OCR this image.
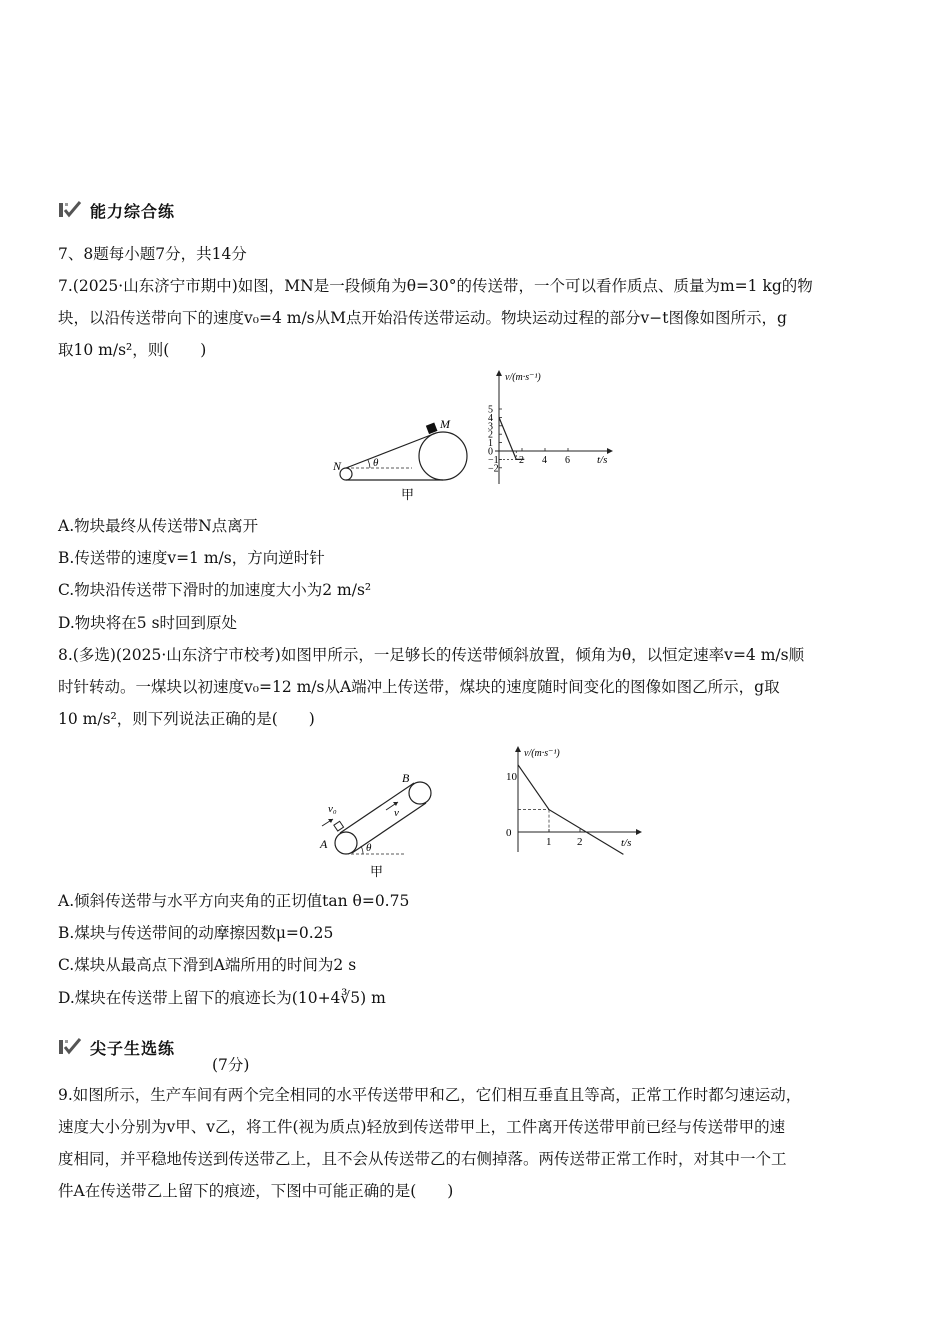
能力综合练
7、8题每小题7分，共14分
7.(2025·山东济宁市期中)如图，MN是一段倾角为θ=30°的传送带，一个可以看作质点、质量为m=1 kg的物
块，以沿传送带向下的速度v₀=4 m/s从M点开始沿传送带运动。物块运动过程的部分v−t图像如图所示，g
取10 m/s²，则(　　)
M
N	θ
甲
v/(m·s⁻¹)
t/s
5
4
3
2
1
0
−1
−2
2 4 6
A.物块最终从传送带N点离开
B.传送带的速度v=1 m/s，方向逆时针
C.物块沿传送带下滑时的加速度大小为2 m/s²
D.物块将在5 s时回到原处
8.(多选)(2025·山东济宁市校考)如图甲所示，一足够长的传送带倾斜放置，倾角为θ，以恒定速率v=4 m/s顺
时针转动。一煤块以初速度v₀=12 m/s从A端冲上传送带，煤块的速度随时间变化的图像如图乙所示，g取
10 m/s²，则下列说法正确的是(　　)
v₀	v
A
B
θ
甲
v/(m·s⁻¹)
t/s
10
0
1 2
A.倾斜传送带与水平方向夹角的正切值tan θ=0.75
B.煤块与传送带间的动摩擦因数μ=0.25
C.煤块从最高点下滑到A端所用的时间为2 s
D.煤块在传送带上留下的痕迹长为(10+4∛5) m
尖子生选练
(7分)
9.如图所示，生产车间有两个完全相同的水平传送带甲和乙，它们相互垂直且等高，正常工作时都匀速运动，
速度大小分别为v甲、v乙，将工件(视为质点)轻放到传送带甲上，工件离开传送带甲前已经与传送带甲的速
度相同，并平稳地传送到传送带乙上，且不会从传送带乙的右侧掉落。两传送带正常工作时，对其中一个工
件A在传送带乙上留下的痕迹，下图中可能正确的是(　　)
